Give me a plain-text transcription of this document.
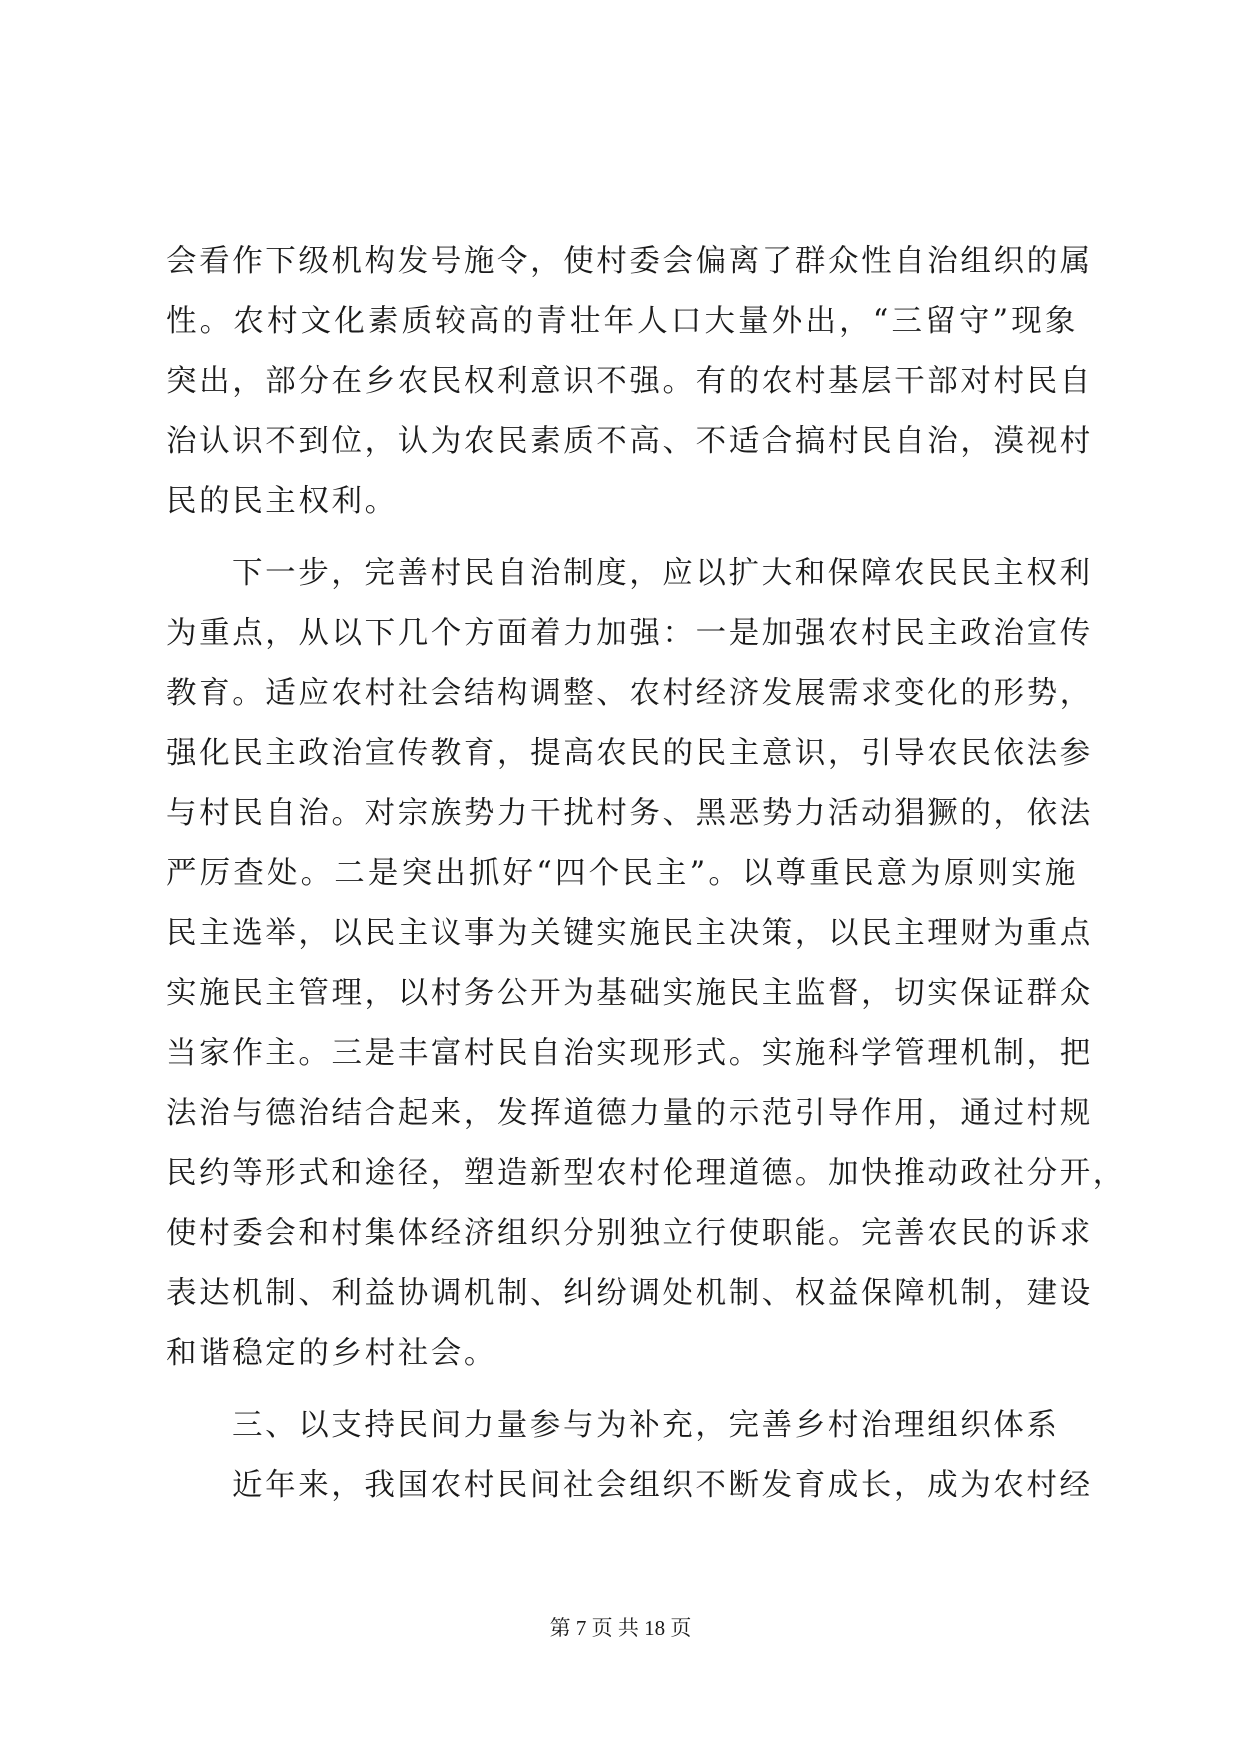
会看作下级机构发号施令，使村委会偏离了群众性自治组织的属
性。农村文化素质较高的青壮年人口大量外出，“三留守”现象
突出，部分在乡农民权利意识不强。有的农村基层干部对村民自
治认识不到位，认为农民素质不高、不适合搞村民自治，漠视村
民的民主权利。
下一步，完善村民自治制度，应以扩大和保障农民民主权利
为重点，从以下几个方面着力加强：一是加强农村民主政治宣传
教育。适应农村社会结构调整、农村经济发展需求变化的形势，
强化民主政治宣传教育，提高农民的民主意识，引导农民依法参
与村民自治。对宗族势力干扰村务、黑恶势力活动猖獗的，依法
严厉查处。二是突出抓好“四个民主”。以尊重民意为原则实施
民主选举，以民主议事为关键实施民主决策，以民主理财为重点
实施民主管理，以村务公开为基础实施民主监督，切实保证群众
当家作主。三是丰富村民自治实现形式。实施科学管理机制，把
法治与德治结合起来，发挥道德力量的示范引导作用，通过村规
民约等形式和途径，塑造新型农村伦理道德。加快推动政社分开，
使村委会和村集体经济组织分别独立行使职能。完善农民的诉求
表达机制、利益协调机制、纠纷调处机制、权益保障机制，建设
和谐稳定的乡村社会。
三、以支持民间力量参与为补充，完善乡村治理组织体系
近年来，我国农村民间社会组织不断发育成长，成为农村经
第 7 页 共 18 页
